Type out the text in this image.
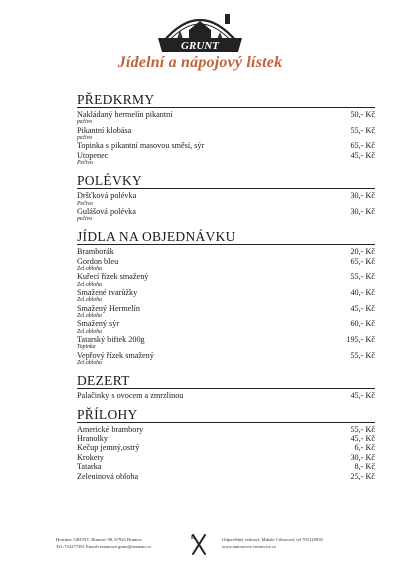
GRUNT
Jídelní a nápojový lístek
PŘEDKRMY
Nakládaný hermelín pikantní	50,- Kč
pečivo
Pikantní klobása	55,- Kč
pečivo
Topinka s pikantní masovou směsí, sýr	65,- Kč
Utopenec	45,- Kč
Pečivo
POLÉVKY
Dršťková polévka	30,- Kč
Pečivo
Gulášová polévka	30,- Kč
pečivo
JÍDLA NA OBJEDNÁVKU
Bramborák	20,- Kč
Gordon bleu	65,- Kč
Zel.obloha
Kuřecí řízek smažený	55,- Kč
Zel.obloha
Smažené tvarůžky	40,- Kč
Zel.obloha
Smažený Hermelín	45,- Kč
Zel.obloha
Smažený sýr	60,- Kč
Zel.obloha
Tatarský biftek 200g	195,- Kč
Topinka
Vepřový řízek smažený	55,- Kč
Zel.obloha
DEZERT
Palačinky s ovocem a zmrzlinou	45,- Kč
PŘÍLOHY
Americké brambory	55,- Kč
Hranolky	45,- Kč
Kečup jemný,ostrý	6,- Kč
Krokety	30,- Kč
Tatarka	8,- Kč
Zeleninová obloha	25,- Kč
Hostinec GRUNT, Brumov 98, 67923 Brumov
Tel.:723277391 Email:restaurace.grunt@seznam.cz
Odpovědný vedoucí: Mihale Ctiborová, tel 705120930
www.autoservis-cernovice.cz
